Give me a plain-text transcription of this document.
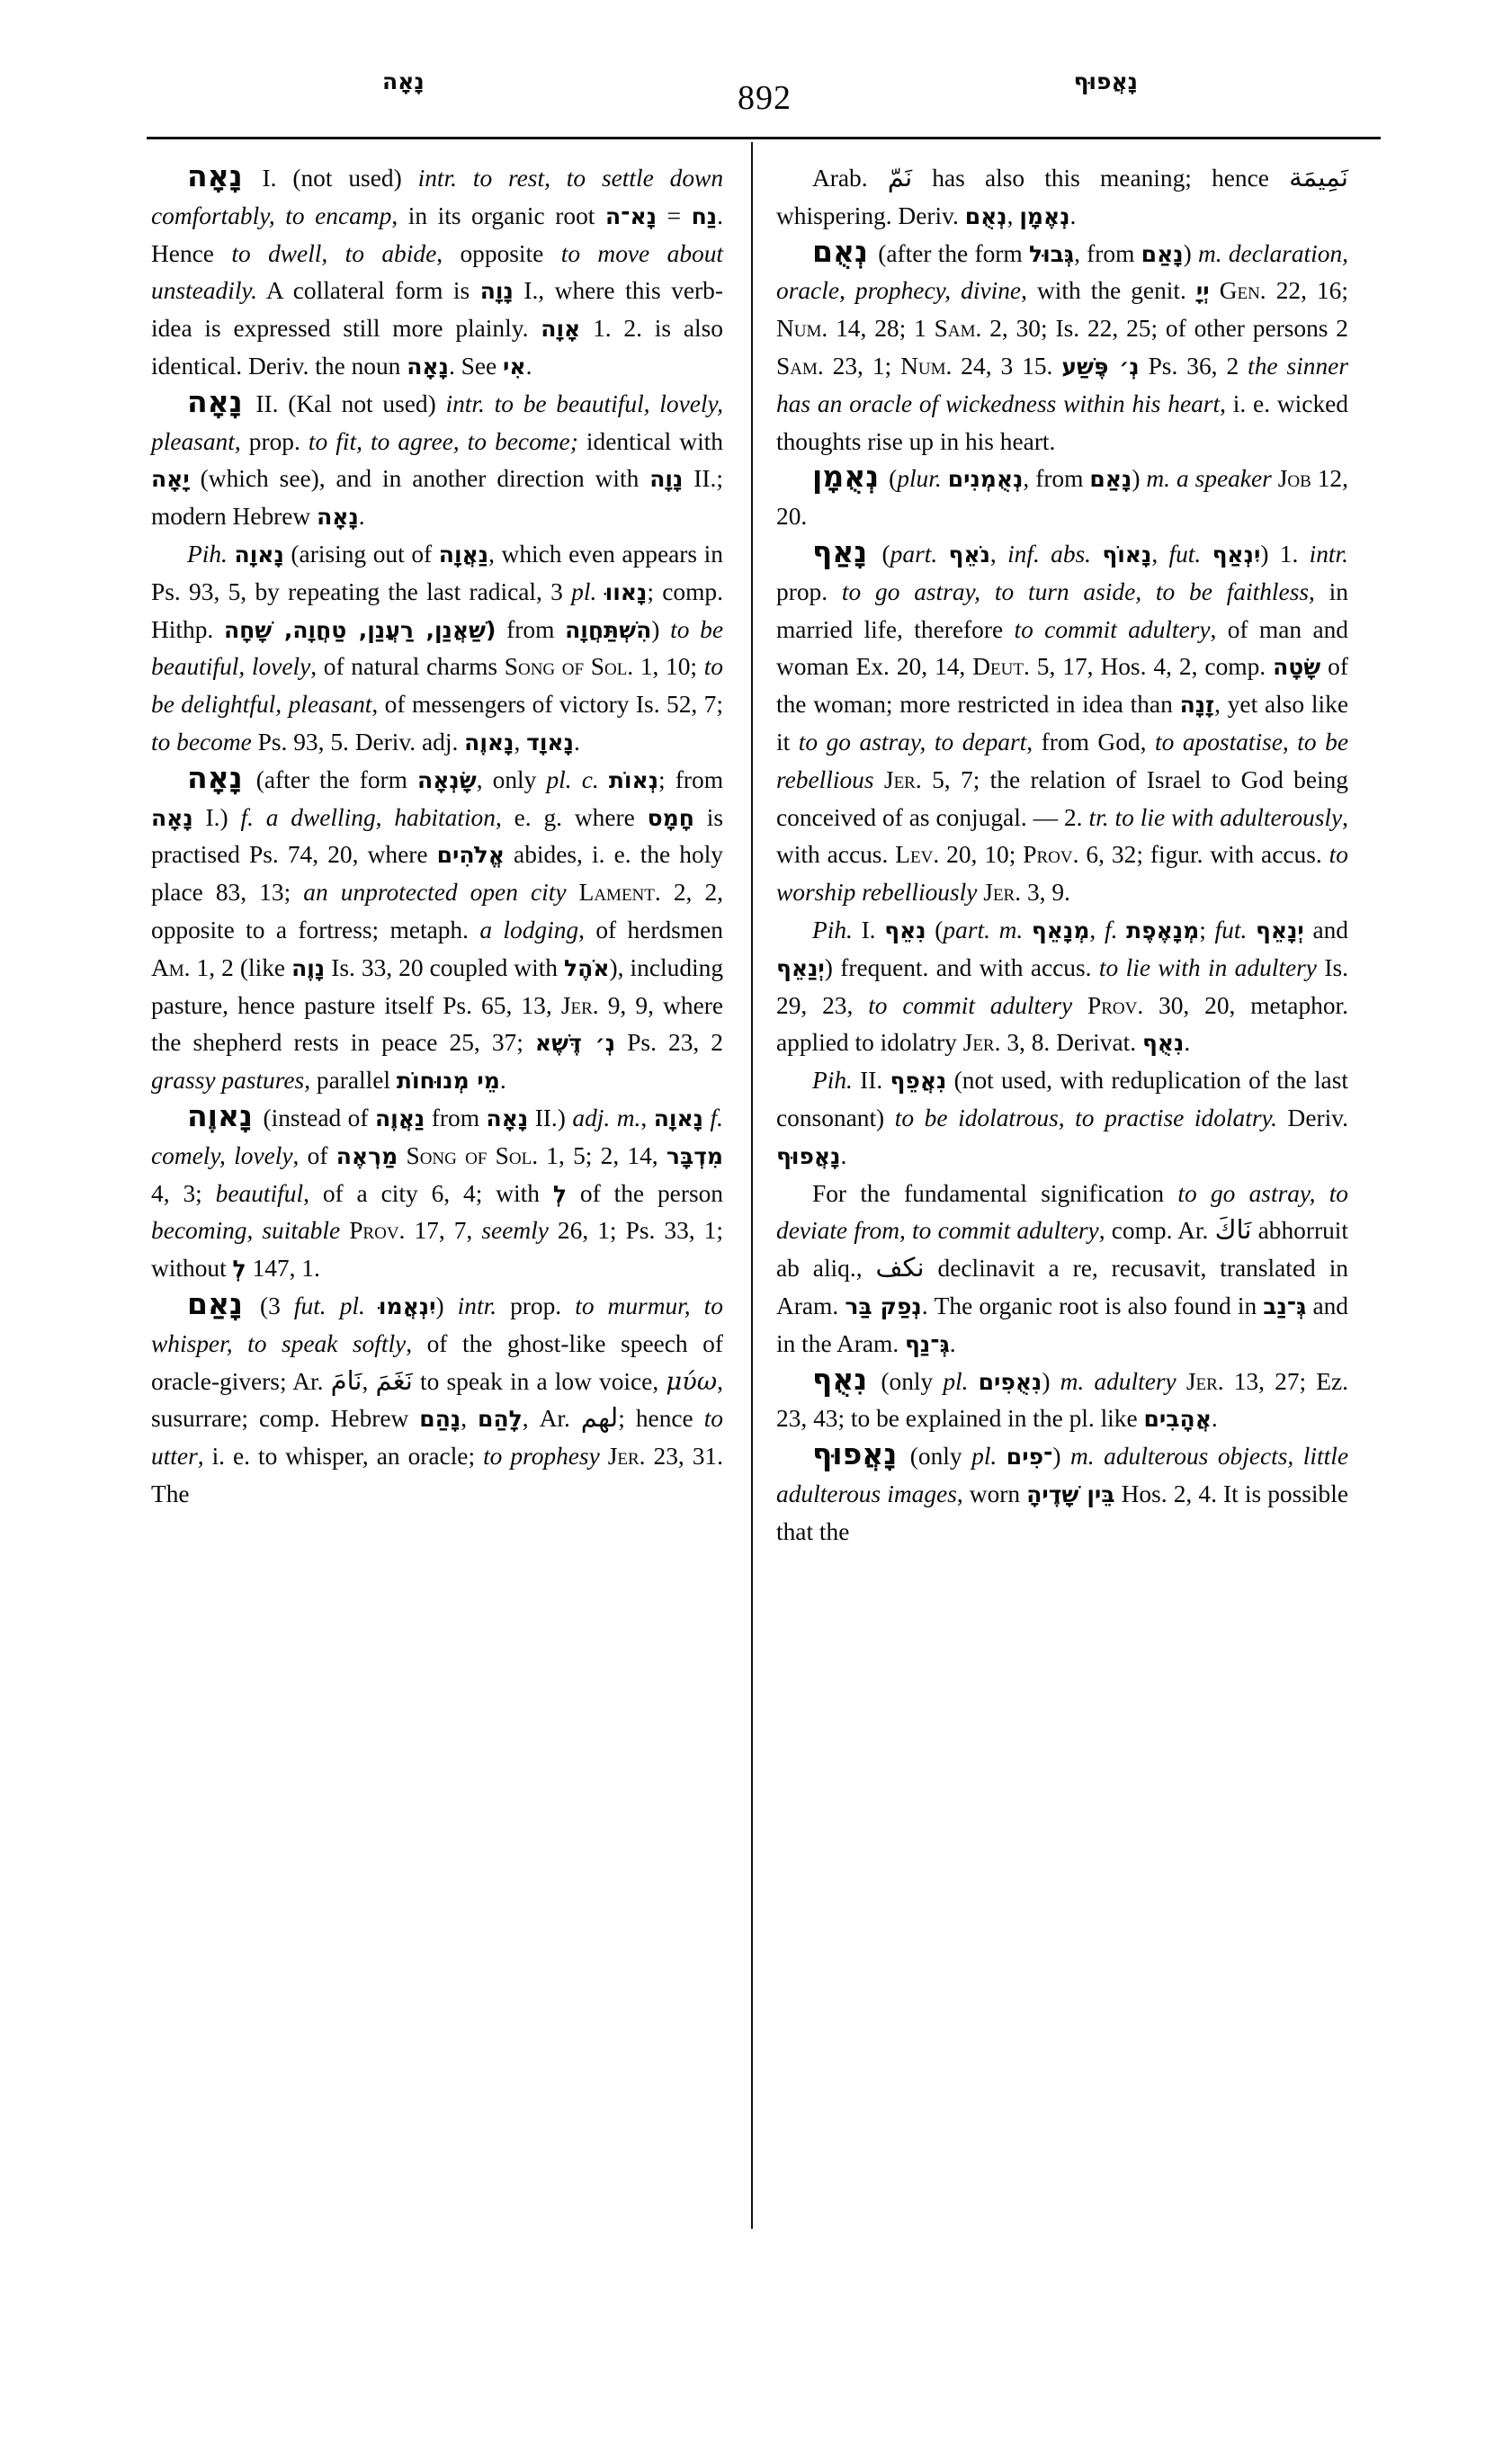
נָאָה	892	נָאֲפוּף

נָאָה I. (not used) intr. to rest, to settle down comfortably, to encamp, in its organic root נָא־ה = נַח. Hence to dwell, to abide, opposite to move about unsteadily. A collateral form is נָוָה I., where this verb-idea is expressed still more plainly. אָוָה 1. 2. is also identical. Deriv. the noun נָאָה. See אִי.

נָאָה II. (Kal not used) intr. to be beautiful, lovely, pleasant, prop. to fit, to agree, to become; identical with יָאָה (which see), and in another direction with נָוָה II.; modern Hebrew נָאָה.

Pih. נָאוָה (arising out of נַאֲוָה, which even appears in Ps. 93, 5, by repeating the last radical, 3 pl. נָאווּ; comp. Hithp. (שַׁאֲנַן, רַעֲנַן, טַחֲוָה, שָׁחָה from הִשְׁתַּחֲוָה) to be beautiful, lovely, of natural charms Song of Sol. 1, 10; to be delightful, pleasant, of messengers of victory Is. 52, 7; to become Ps. 93, 5. Deriv. adj. נָאוֶה, נָאוָד.

נָאָה (after the form שָׂנְאָה, only pl. c. נְאוֹת; from נָאָה I.) f. a dwelling, habitation, e. g. where חָמָס is practised Ps. 74, 20, where אֱלֹהִים abides, i. e. the holy place 83, 13; an unprotected open city Lament. 2, 2, opposite to a fortress; metaph. a lodging, of herdsmen Am. 1, 2 (like נָוֶה Is. 33, 20 coupled with אֹהֶל), including pasture, hence pasture itself Ps. 65, 13, Jer. 9, 9, where the shepherd rests in peace 25, 37; נְ׳ דֶּשֶׁא Ps. 23, 2 grassy pastures, parallel מֵי מְנוּחוֹת.

נָאוֶה (instead of נַאֲוֶה from נָאָה II.) adj. m., נָאוָה f. comely, lovely, of מַרְאֶה Song of Sol. 1, 5; 2, 14, מִדְבָּר 4, 3; beautiful, of a city 6, 4; with לְ of the person becoming, suitable Prov. 17, 7, seemly 26, 1; Ps. 33, 1; without לְ 147, 1.

נָאַם (3 fut. pl. יִנְאֲמוּ) intr. prop. to murmur, to whisper, to speak softly, of the ghost-like speech of oracle-givers; Ar. نَامَ, نَغَمَ to speak in a low voice, μύω, susurrare; comp. Hebrew נָהַם, לָהַם, Ar. لهم; hence to utter, i. e. to whisper, an oracle; to prophesy Jer. 23, 31. The

Arab. نَمّ has also this meaning; hence نَمِيمَة whispering. Deriv. נְאֻם, נְאֶמָן.

נְאֻם (after the form גְּבוּל, from נָאַם) m. declaration, oracle, prophecy, divine, with the genit. יְיָ Gen. 22, 16; Num. 14, 28; 1 Sam. 2, 30; Is. 22, 25; of other persons 2 Sam. 23, 1; Num. 24, 3 15. נְ׳ פֶּשַׁע Ps. 36, 2 the sinner has an oracle of wickedness within his heart, i. e. wicked thoughts rise up in his heart.

נְאֻמָן (plur. נְאֻמְנִים, from נָאַם) m. a speaker Job 12, 20.

נָאַף (part. נֹאֵף, inf. abs. נָאוֹף, fut. יִנְאַף) 1. intr. prop. to go astray, to turn aside, to be faithless, in married life, therefore to commit adultery, of man and woman Ex. 20, 14, Deut. 5, 17, Hos. 4, 2, comp. שָׂטָה of the woman; more restricted in idea than זָנָה, yet also like it to go astray, to depart, from God, to apostatise, to be rebellious Jer. 5, 7; the relation of Israel to God being conceived of as conjugal. — 2. tr. to lie with adulterously, with accus. Lev. 20, 10; Prov. 6, 32; figur. with accus. to worship rebelliously Jer. 3, 9.

Pih. I. נִאֵף (part. m. מְנָאֵף, f. מְנָאֶפֶת; fut. יְנָאֵף and יְנַאֵף) frequent. and with accus. to lie with in adultery Is. 29, 23, to commit adultery Prov. 30, 20, metaphor. applied to idolatry Jer. 3, 8. Derivat. נִאֻף.

Pih. II. נִאֲפֵף (not used, with reduplication of the last consonant) to be idolatrous, to practise idolatry. Deriv. נָאֲפוּף.

For the fundamental signification to go astray, to deviate from, to commit adultery, comp. Ar. نَاكَ abhorruit ab aliq., نكف declinavit a re, recusavit, translated in Aram. נְפַק בַּר. The organic root is also found in גְּ־נַב and in the Aram. גְּ־נַף.

נִאֻף (only pl. נִאֻפִים) m. adultery Jer. 13, 27; Ez. 23, 43; to be explained in the pl. like אֲהָבִים.

נָאֲפוּף (only pl. ־פִים) m. adulterous objects, little adulterous images, worn בֵּין שָׁדֶיהָ Hos. 2, 4. It is possible that the
